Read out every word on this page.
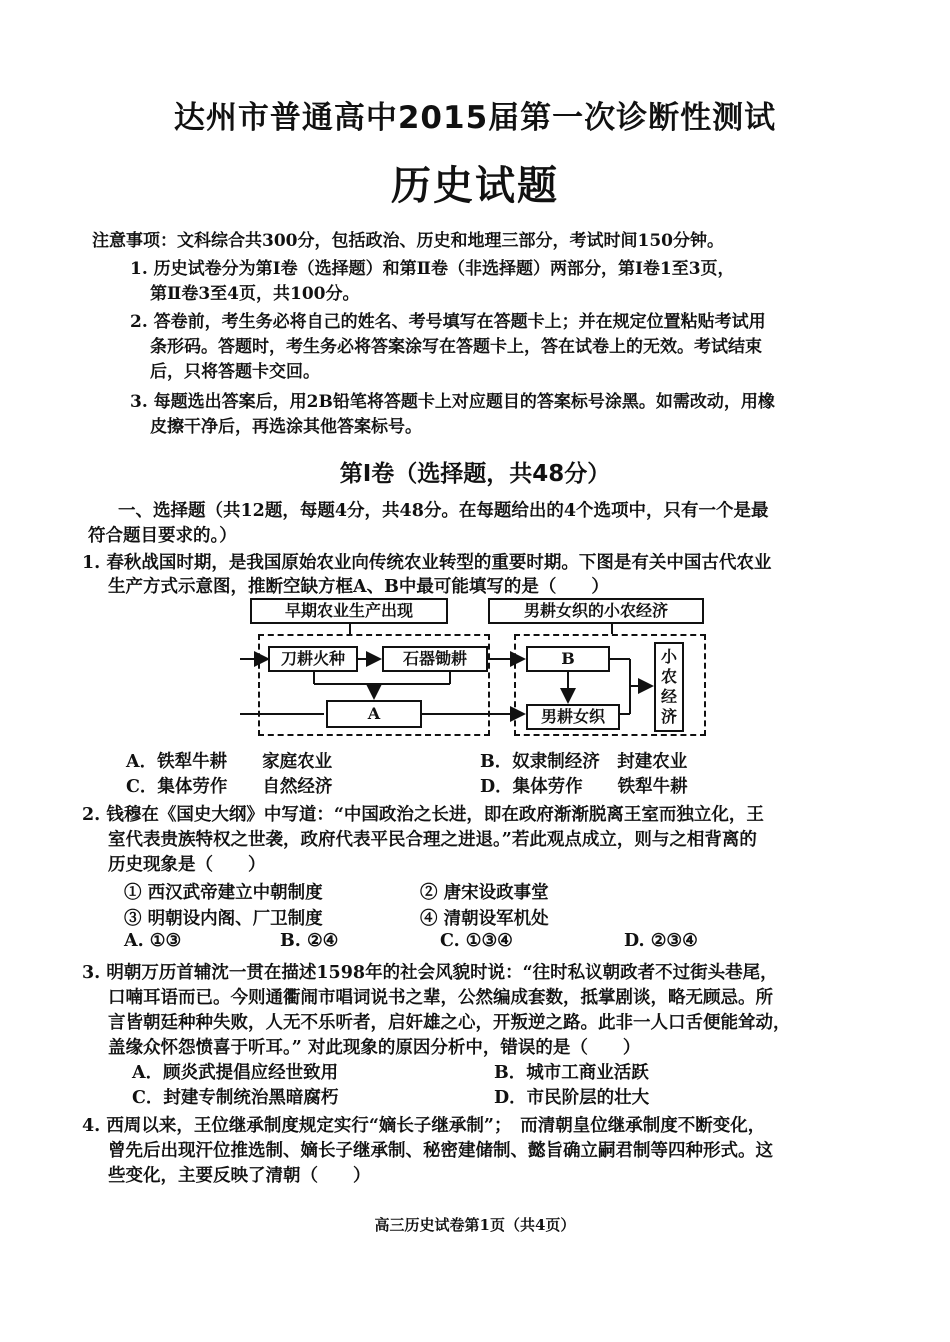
达州市普通高中2015届第一次诊断性测试
历史试题
注意事项：文科综合共300分，包括政治、历史和地理三部分，考试时间150分钟。
1. 历史试卷分为第Ⅰ卷（选择题）和第Ⅱ卷（非选择题）两部分，第Ⅰ卷1至3页，
第Ⅱ卷3至4页，共100分。
2. 答卷前，考生务必将自己的姓名、考号填写在答题卡上；并在规定位置粘贴考试用
条形码。答题时，考生务必将答案涂写在答题卡上，答在试卷上的无效。考试结束
后，只将答题卡交回。
3. 每题选出答案后，用2B铅笔将答题卡上对应题目的答案标号涂黑。如需改动，用橡
皮擦干净后，再选涂其他答案标号。
第Ⅰ卷（选择题，共48分）
一、选择题（共12题，每题4分，共48分。在每题给出的4个选项中，只有一个是最
符合题目要求的。）
1. 春秋战国时期，是我国原始农业向传统农业转型的重要时期。下图是有关中国古代农业
生产方式示意图，推断空缺方框A、B中最可能填写的是（　　）
早期农业生产出现	男耕女织的小农经济
刀耕火种	石器锄耕
A
B
男耕女织
小
农
经
济
A．铁犁牛耕　　家庭农业	B．奴隶制经济　封建农业
C．集体劳作　　自然经济	D．集体劳作　　铁犁牛耕
2. 钱穆在《国史大纲》中写道：“中国政治之长进，即在政府渐渐脱离王室而独立化，王
室代表贵族特权之世袭，政府代表平民合理之进退。”若此观点成立，则与之相背离的
历史现象是（　　）
① 西汉武帝建立中朝制度	② 唐宋设政事堂
③ 明朝设内阁、厂卫制度	④ 清朝设军机处
A. ①③	B. ②④	C. ①③④	D. ②③④
3. 明朝万历首辅沈一贯在描述1598年的社会风貌时说：“往时私议朝政者不过街头巷尾，
口喃耳语而已。今则通衢闹市唱词说书之辈，公然编成套数，抵掌剧谈，略无顾忌。所
言皆朝廷种种失败，人无不乐听者，启奸雄之心，开叛逆之路。此非一人口舌便能耸动，
盖缘众怀怨愤喜于听耳。” 对此现象的原因分析中，错误的是（　　）
A．顾炎武提倡应经世致用	B．城市工商业活跃
C．封建专制统治黑暗腐朽	D．市民阶层的壮大
4. 西周以来，王位继承制度规定实行“嫡长子继承制”；　而清朝皇位继承制度不断变化，
曾先后出现汗位推选制、嫡长子继承制、秘密建储制、懿旨确立嗣君制等四种形式。这
些变化，主要反映了清朝（　　）
高三历史试卷第1页（共4页）
